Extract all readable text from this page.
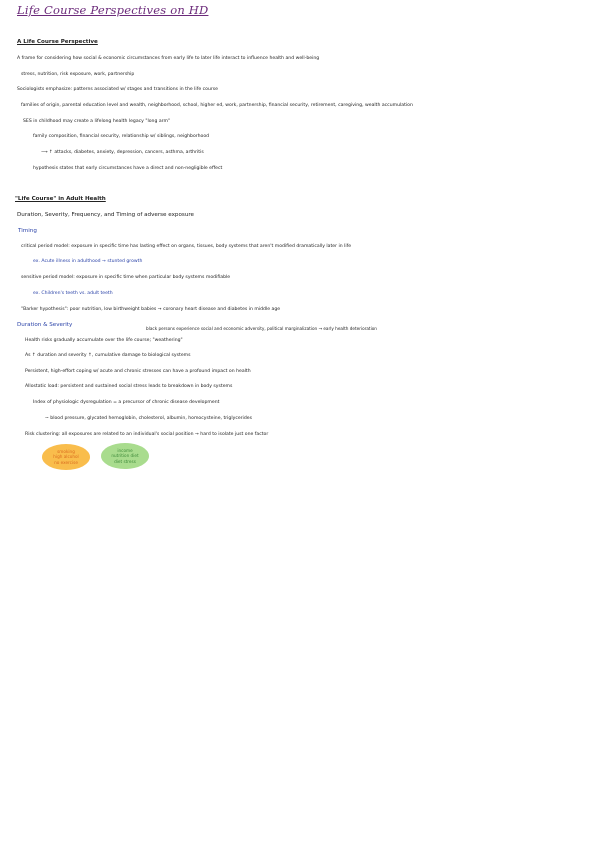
Life Course Perspectives on HD
A Life Course Perspective
A frame for considering how social & economic circumstances from early life to later life interact to influence health and well-being
stress, nutrition, risk exposure, work, partnership
Sociologists emphasize: patterns associated w/ stages and transitions in the life course
families of origin, parental education level and wealth, neighborhood, school, higher ed, work, partnership, financial security, retirement, caregiving, wealth accumulation
SES in childhood may create a lifelong health legacy "long arm"
family composition, financial security, relationship w/ siblings, neighborhood
⟶ ↑ attacks, diabetes, anxiety, depression, cancers, asthma, arthritis
hypothesis states that early circumstances have a direct and non-negligible effect
"Life Course" in Adult Health
Duration, Severity, Frequency, and Timing of adverse exposure
Timing
critical period model: exposure in specific time has lasting effect on organs, tissues, body systems that aren't modified dramatically later in life
ex. Acute illness in adulthood → stunted growth
sensitive period model: exposure in specific time when particular body systems modifiable
ex. Children's teeth vs. adult teeth
"Barker hypothesis": poor nutrition, low birthweight babies → coronary heart disease and diabetes in middle age
Duration & Severity
black persons experience social and economic adversity, political marginalization → early health deterioration
Health risks gradually accumulate over the life course; "weathering"
As ↑ duration and severity ↑, cumulative damage to biological systems
Persistent, high-effort coping w/ acute and chronic stresses can have a profound impact on health
Allostatic load: persistent and sustained social stress leads to breakdown in body systems
Index of physiologic dysregulation = a precursor of chronic disease development
~ blood pressure, glycated hemoglobin, cholesterol, albumin, homocysteine, triglycerides
Risk clustering: all exposures are related to an individual's social position → hard to isolate just one factor
smoking
high alcohol
no exercise
income
nutrition diet
diet stress
